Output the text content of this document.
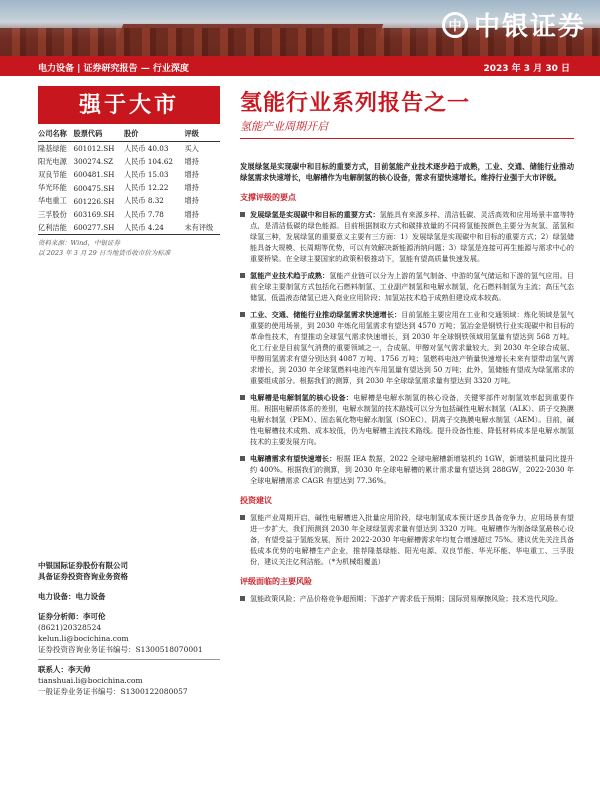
中 中银证券
电力设备 | 证券研究报告 — 行业深度	2023 年 3 月 30 日
强于大市
公司名称	股票代码	股价	评级
隆基绿能	601012.SH	人民币 40.03	买入
阳光电源	300274.SZ	人民币 104.62	增持
双良节能	600481.SH	人民币 15.03	增持
华光环能	600475.SH	人民币 12.22	增持
华电重工	601226.SH	人民币 8.32	增持
三孚股份	603169.SH	人民币 7.78	增持
亿利洁能	600277.SH	人民币 4.24	未有评级
资料来源：Wind，中银证券
以 2023 年 3 月 29 日当地货币收市价为标准
中银国际证券股份有限公司
具备证券投资咨询业务资格
电力设备：电力设备
证券分析师：李可伦
(8621)20328524
kelun.li@bocichina.com
证券投资咨询业务证书编号：S1300518070001
联系人：李天帅
tianshuai.li@bocichina.com
一般证券业务证书编号：S1300122080057
氢能行业系列报告之一
氢能产业周期开启
发展绿氢是实现碳中和目标的重要方式，目前氢能产业技术逐步趋于成熟，工业、交通、储能行业推动绿氢需求快速增长，电解槽作为电解制氢的核心设备，需求有望快速增长。维持行业强于大市评级。
支撑评级的要点
发展绿氢是实现碳中和目标的重要方式：氢能具有来源多样、清洁低碳、灵活高效和应用场景丰富等特点，是清洁低碳的绿色能源。目前根据制取方式和碳排放量的不同将氢能按颜色主要分为灰氢、蓝氢和绿氢三种，发展绿氢的重要意义主要有三方面：1）发展绿氢是实现碳中和目标的重要方式；2）绿氢储能具备大规模、长周期等优势，可以有效解决新能源消纳问题；3）绿氢是连接可再生能源与需求中心的重要桥梁。在全球主要国家的政策积极推动下，氢能有望高质量快速发展。
氢能产业技术趋于成熟：氢能产业链可以分为上游的氢气制备、中游的氢气储运和下游的氢气应用。目前全球主要制氢方式包括化石燃料制氢、工业副产制氢和电解水制氢，化石燃料制氢为主流；高压气态储氢、低温液态储氢已进入商业应用阶段；加氢站技术趋于成熟但建设成本较高。
工业、交通、储能行业推动绿氢需求快速增长：目前氢能主要应用在工业和交通领域：炼化领域是氢气重要的使用场景，到 2030 年炼化用氢需求有望达到 4570 万吨；氢冶金是钢铁行业实现碳中和目标的革命性技术，有望推动全球氢气需求快速增长，到 2030 年全球钢铁领域用氢量有望达到 568 万吨。化工行业是目前氢气消费的重要领域之一，合成氨、甲醇对氢气需求量较大，到 2030 年全球合成氨、甲醇用氢需求有望分别达到 4087 万吨、1756 万吨；氢燃料电池产销量快速增长未来有望带动氢气需求增长，到 2030 年全球氢燃料电池汽车用氢量有望达到 50 万吨；此外，氢储能有望成为绿氢需求的重要组成部分。根据我们的测算，到 2030 年全球绿氢需求量有望达到 3320 万吨。
电解槽是电解制氢的核心设备：电解槽是电解水制氢的核心设备，关键零部件对制氢效率起到重要作用。根据电解质体系的差别，电解水制氢的技术路线可以分为包括碱性电解水制氢（ALK）、质子交换膜电解水制氢（PEM）、固态氧化物电解水制氢（SOEC）、阴离子交换膜电解水制氢（AEM）。目前，碱性电解槽技术成熟、成本较低，仍为电解槽主流技术路线。提升设备性能、降低材料成本是电解水制氢技术的主要发展方向。
电解槽需求有望快速增长：根据 IEA 数据，2022 全球电解槽新增装机约 1GW，新增装机量同比提升约 400%。根据我们的测算，到 2030 年全球电解槽的累计需求量有望达到 288GW，2022-2030 年全球电解槽需求 CAGR 有望达到 77.36%。
投资建议
氢能产业周期开启，碱性电解槽进入批量应用阶段，绿电制氢成本预计逐步具备竞争力，应用场景有望进一步扩大，我们预测到 2030 年全球绿氢需求量有望达到 3320 万吨。电解槽作为制备绿氢最核心设备，有望受益于氢能发展，预计 2022-2030 年电解槽需求年均复合增速超过 75%。建议优先关注具备低成本优势的电解槽生产企业，推荐隆基绿能、阳光电源、双良节能、华光环能、华电重工、三孚股份，建议关注亿利洁能。（*为机械组覆盖）
评级面临的主要风险
氢能政策风险；产品价格竞争超预期；下游扩产需求低于预期；国际贸易摩擦风险；技术迭代风险。
